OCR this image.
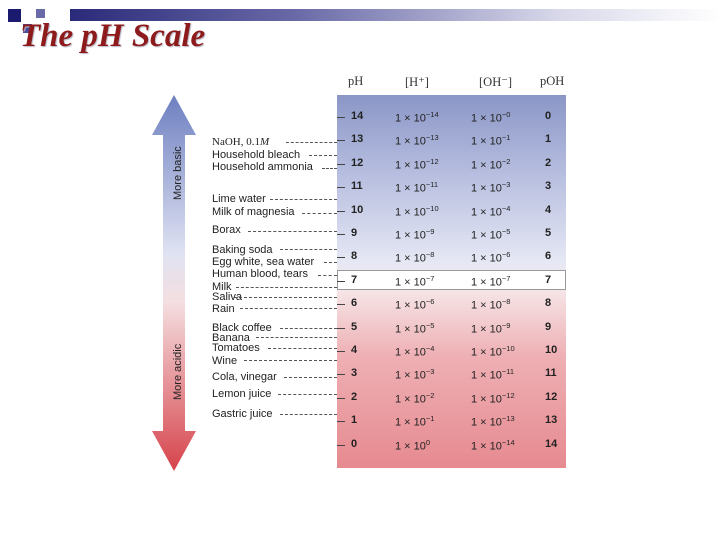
The pH Scale
pH	[H⁺]	[OH⁻] pOH
14	$1 \times 10^{-14}$	$1 \times 10^{-0}$	0
13	$1 \times 10^{-13}$	$1 \times 10^{-1}$	1
12	$1 \times 10^{-12}$	$1 \times 10^{-2}$	2
11	$1 \times 10^{-11}$	$1 \times 10^{-3}$	3
10	$1 \times 10^{-10}$	$1 \times 10^{-4}$	4
9	$1 \times 10^{-9}$	$1 \times 10^{-5}$	5
8	$1 \times 10^{-8}$	$1 \times 10^{-6}$	6
7	$1 \times 10^{-7}$	$1 \times 10^{-7}$	7
6	$1 \times 10^{-6}$	$1 \times 10^{-8}$	8
5	$1 \times 10^{-5}$	$1 \times 10^{-9}$	9
4	$1 \times 10^{-4}$	$1 \times 10^{-10}$	10
3	$1 \times 10^{-3}$	$1 \times 10^{-11}$	11
2	$1 \times 10^{-2}$	$1 \times 10^{-12}$	12
1	$1 \times 10^{-1}$	$1 \times 10^{-13}$	13
0	$1 \times 10^0$	$1 \times 10^{-14}$	14
More basic
More acidic
NaOH, 0.1M
Household bleach
Household ammonia
Lime water
Milk of magnesia
Borax
Baking soda
Egg white, sea water
Human blood, tears
Milk
Saliva
Rain
Black coffee
Banana
Tomatoes
Wine
Cola, vinegar
Lemon juice
Gastric juice
